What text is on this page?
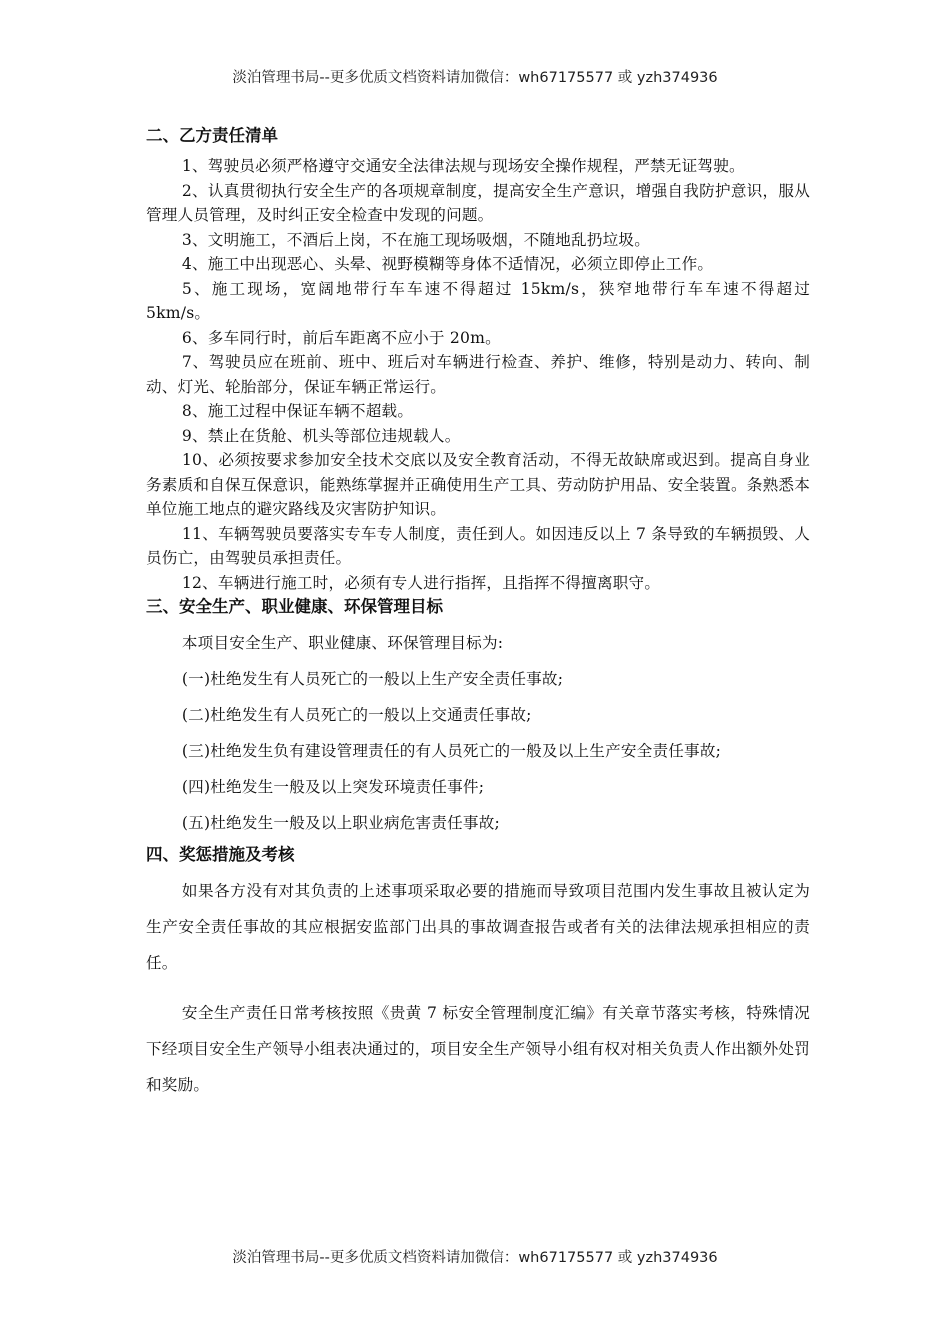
淡泊管理书局--更多优质文档资料请加微信：wh67175577 或 yzh374936
二、乙方责任清单

1、驾驶员必须严格遵守交通安全法律法规与现场安全操作规程，严禁无证驾驶。

2、认真贯彻执行安全生产的各项规章制度，提高安全生产意识，增强自我防护意识，服从管理人员管理，及时纠正安全检查中发现的问题。

3、文明施工，不酒后上岗，不在施工现场吸烟，不随地乱扔垃圾。

4、施工中出现恶心、头晕、视野模糊等身体不适情况，必须立即停止工作。

5、施工现场，宽阔地带行车车速不得超过 15km/s，狭窄地带行车车速不得超过 5km/s。

6、多车同行时，前后车距离不应小于 20m。

7、驾驶员应在班前、班中、班后对车辆进行检查、养护、维修，特别是动力、转向、制动、灯光、轮胎部分，保证车辆正常运行。

8、施工过程中保证车辆不超载。

9、禁止在货舱、机头等部位违规载人。

10、必须按要求参加安全技术交底以及安全教育活动，不得无故缺席或迟到。提高自身业务素质和自保互保意识，能熟练掌握并正确使用生产工具、劳动防护用品、安全装置。条熟悉本单位施工地点的避灾路线及灾害防护知识。

11、车辆驾驶员要落实专车专人制度，责任到人。如因违反以上 7 条导致的车辆损毁、人员伤亡，由驾驶员承担责任。

12、车辆进行施工时，必须有专人进行指挥，且指挥不得擅离职守。

三、安全生产、职业健康、环保管理目标

本项目安全生产、职业健康、环保管理目标为:

(一)杜绝发生有人员死亡的一般以上生产安全责任事故;

(二)杜绝发生有人员死亡的一般以上交通责任事故;

(三)杜绝发生负有建设管理责任的有人员死亡的一般及以上生产安全责任事故;

(四)杜绝发生一般及以上突发环境责任事件;

(五)杜绝发生一般及以上职业病危害责任事故;

四、奖惩措施及考核

如果各方没有对其负责的上述事项采取必要的措施而导致项目范围内发生事故且被认定为生产安全责任事故的其应根据安监部门出具的事故调查报告或者有关的法律法规承担相应的责任。

安全生产责任日常考核按照《贵黄 7 标安全管理制度汇编》有关章节落实考核，特殊情况下经项目安全生产领导小组表决通过的，项目安全生产领导小组有权对相关负责人作出额外处罚和奖励。

淡泊管理书局--更多优质文档资料请加微信：wh67175577 或 yzh374936
